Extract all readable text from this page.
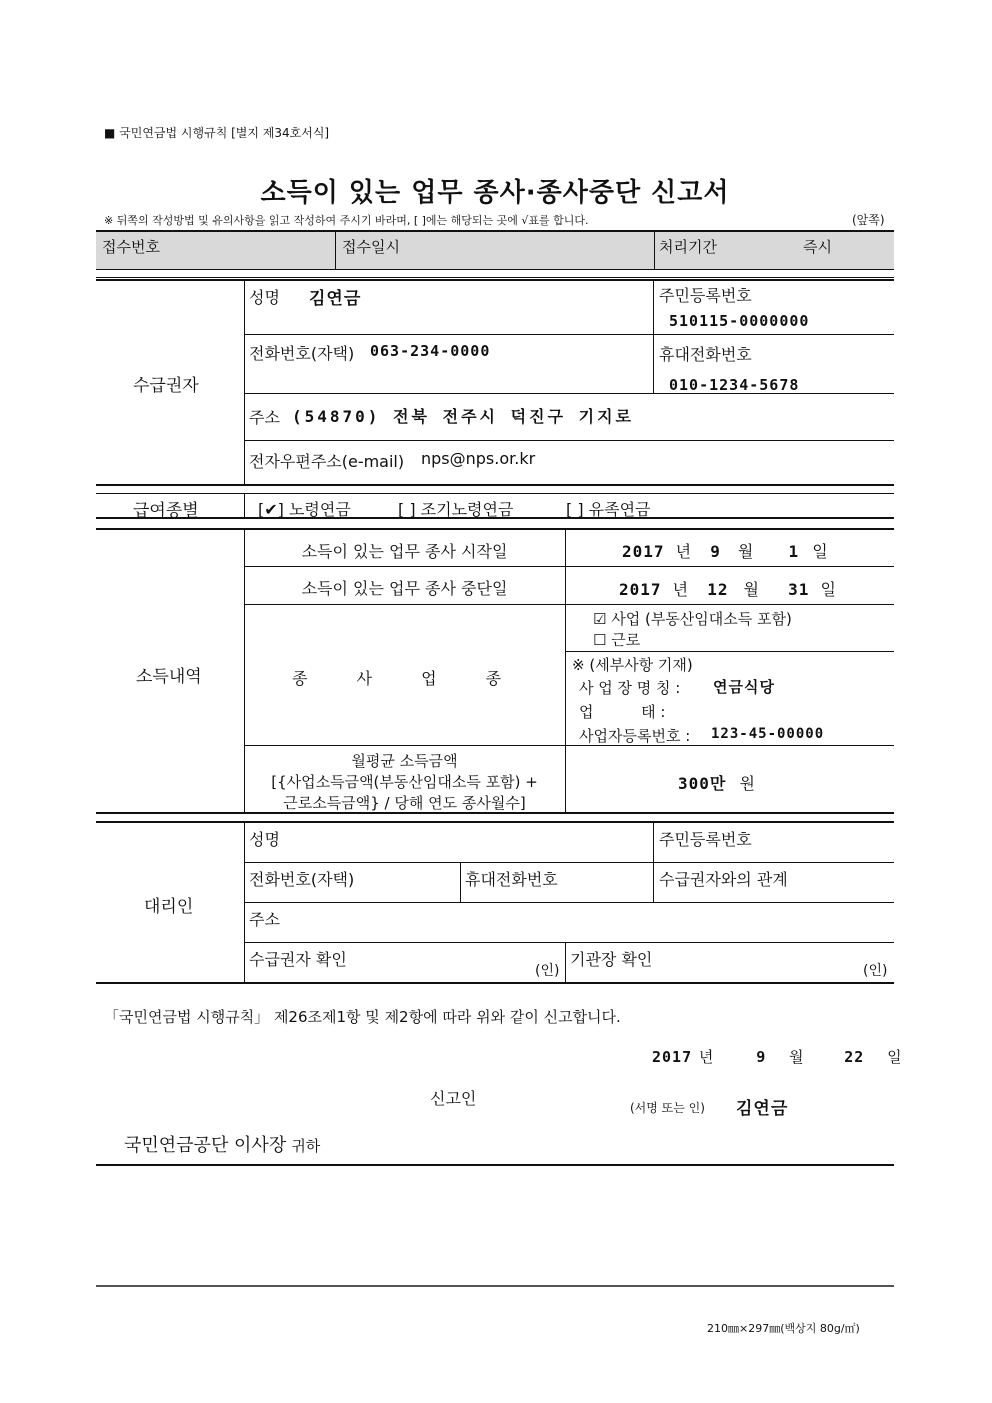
■ 국민연금법 시행규칙 [별지 제34호서식]
소득이 있는 업무 종사·종사중단 신고서
※ 뒤쪽의 작성방법 및 유의사항을 읽고 작성하여 주시기 바라며, [ ]에는 해당되는 곳에 √표를 합니다.	(앞쪽)
접수번호	접수일시	처리기간	즉시
수급권자
성명 김연금	주민등록번호
510115-0000000
전화번호(자택) 063-234-0000	휴대전화번호
010-1234-5678
주소 (54870) 전북 전주시 덕진구 기지로
전자우편주소(e-mail) nps@nps.or.kr
급여종별	[✔] 노령연금	[ ] 조기노령연금	[ ] 유족연금
소득내역
소득이 있는 업무 종사 시작일	2017 년 9 월 1 일
소득이 있는 업무 종사 중단일	2017 년 12 월 31 일
종 사 업 종
☑ 사업 (부동산임대소득 포함)
☐ 근로
※ (세부사항 기재)
사 업 장 명 칭 : 연금식당
업          태 :
사업자등록번호 : 123-45-00000
월평균 소득금액
[{사업소득금액(부동산임대소득 포함) +
근로소득금액} / 당해 연도 종사월수]
300만 원
대리인
성명	주민등록번호
전화번호(자택)	휴대전화번호	수급권자와의 관계
주소
수급권자 확인
(인)
기관장 확인
(인)
「국민연금법 시행규칙」 제26조제1항 및 제2항에 따라 위와 같이 신고합니다.
2017 년	9 월	22 일
신고인	(서명 또는 인) 김연금
국민연금공단 이사장 귀하
210㎜×297㎜(백상지 80g/㎡)
